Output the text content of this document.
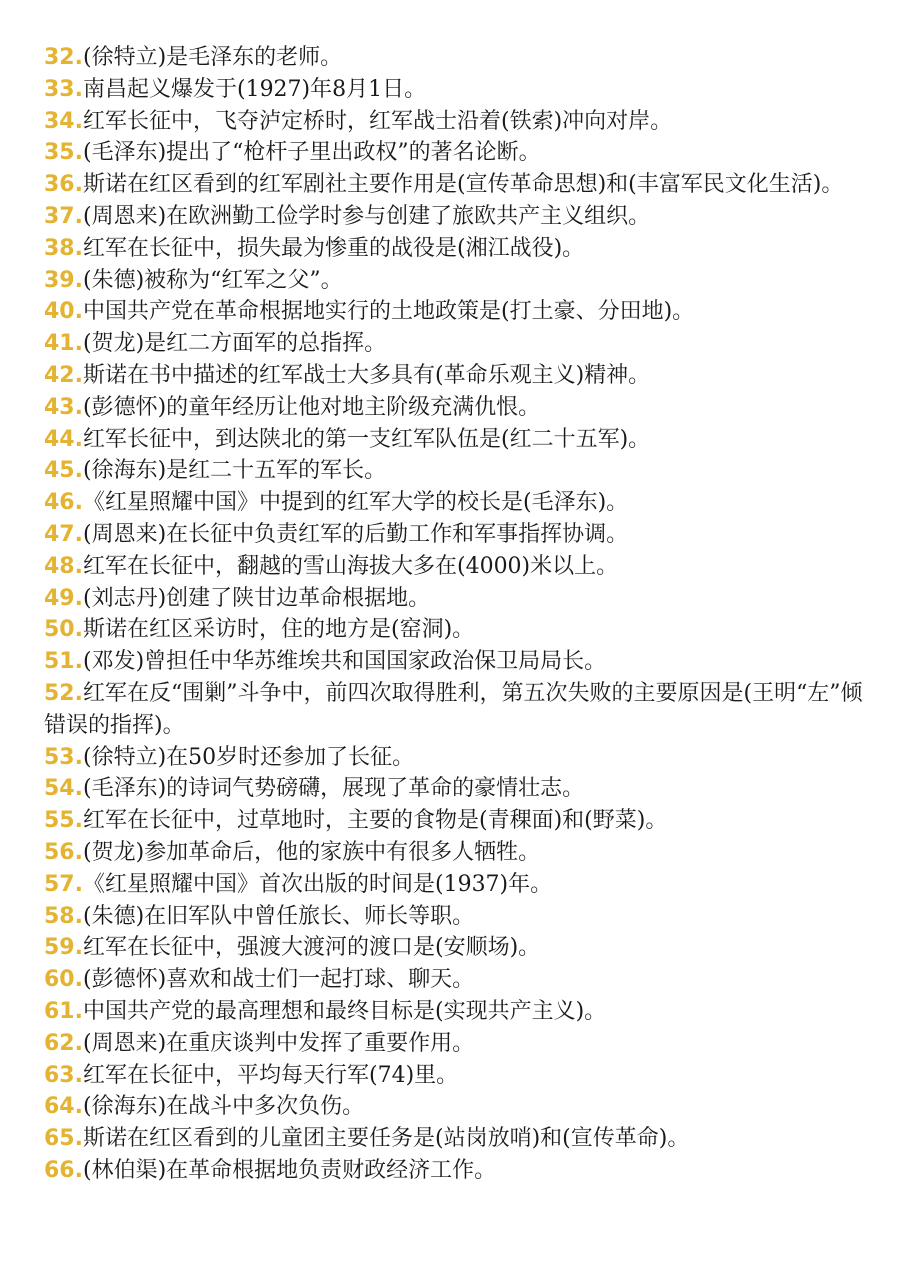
32.(徐特立)是毛泽东的老师。
33.南昌起义爆发于(1927)年8月1日。
34.红军长征中，飞夺泸定桥时，红军战士沿着(铁索)冲向对岸。
35.(毛泽东)提出了“枪杆子里出政权”的著名论断。
36.斯诺在红区看到的红军剧社主要作用是(宣传革命思想)和(丰富军民文化生活)。
37.(周恩来)在欧洲勤工俭学时参与创建了旅欧共产主义组织。
38.红军在长征中，损失最为惨重的战役是(湘江战役)。
39.(朱德)被称为“红军之父”。
40.中国共产党在革命根据地实行的土地政策是(打土豪、分田地)。
41.(贺龙)是红二方面军的总指挥。
42.斯诺在书中描述的红军战士大多具有(革命乐观主义)精神。
43.(彭德怀)的童年经历让他对地主阶级充满仇恨。
44.红军长征中，到达陕北的第一支红军队伍是(红二十五军)。
45.(徐海东)是红二十五军的军长。
46.《红星照耀中国》中提到的红军大学的校长是(毛泽东)。
47.(周恩来)在长征中负责红军的后勤工作和军事指挥协调。
48.红军在长征中，翻越的雪山海拔大多在(4000)米以上。
49.(刘志丹)创建了陕甘边革命根据地。
50.斯诺在红区采访时，住的地方是(窑洞)。
51.(邓发)曾担任中华苏维埃共和国国家政治保卫局局长。
52.红军在反“围剿”斗争中，前四次取得胜利，第五次失败的主要原因是(王明“左”倾错误的指挥)。
53.(徐特立)在50岁时还参加了长征。
54.(毛泽东)的诗词气势磅礴，展现了革命的豪情壮志。
55.红军在长征中，过草地时，主要的食物是(青稞面)和(野菜)。
56.(贺龙)参加革命后，他的家族中有很多人牺牲。
57.《红星照耀中国》首次出版的时间是(1937)年。
58.(朱德)在旧军队中曾任旅长、师长等职。
59.红军在长征中，强渡大渡河的渡口是(安顺场)。
60.(彭德怀)喜欢和战士们一起打球、聊天。
61.中国共产党的最高理想和最终目标是(实现共产主义)。
62.(周恩来)在重庆谈判中发挥了重要作用。
63.红军在长征中，平均每天行军(74)里。
64.(徐海东)在战斗中多次负伤。
65.斯诺在红区看到的儿童团主要任务是(站岗放哨)和(宣传革命)。
66.(林伯渠)在革命根据地负责财政经济工作。
